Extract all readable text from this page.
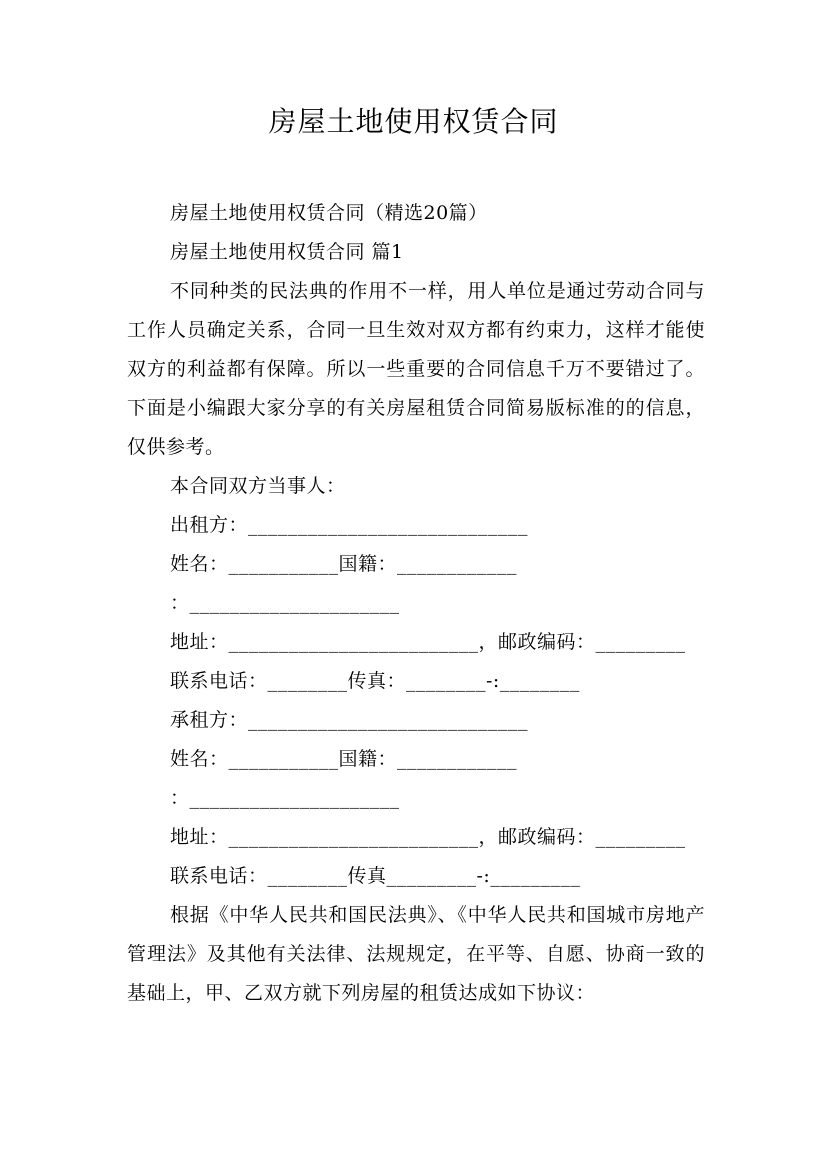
房屋土地使用权赁合同

房屋土地使用权赁合同（精选20篇）

房屋土地使用权赁合同 篇1

不同种类的民法典的作用不一样，用人单位是通过劳动合同与工作人员确定关系，合同一旦生效对双方都有约束力，这样才能使双方的利益都有保障。所以一些重要的合同信息千万不要错过了。下面是小编跟大家分享的有关房屋租赁合同简易版标准的的信息，仅供参考。

本合同双方当事人：

出租方：____________________________

姓名：___________国籍：____________

：_____________________

地址：_________________________，邮政编码：_________

联系电话：________传真：________-:________

承租方：____________________________

姓名：___________国籍：____________

：_____________________

地址：_________________________，邮政编码：_________

联系电话：________传真_________-:_________

根据《中华人民共和国民法典》、《中华人民共和国城市房地产管理法》及其他有关法律、法规规定，在平等、自愿、协商一致的基础上，甲、乙双方就下列房屋的租赁达成如下协议：
